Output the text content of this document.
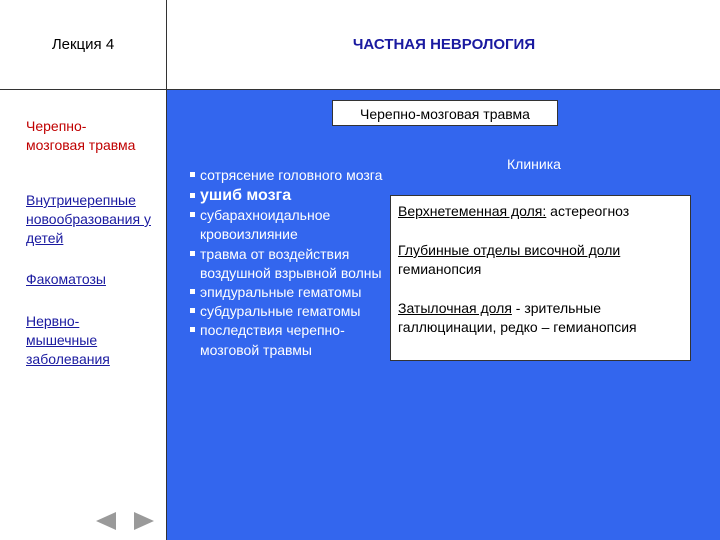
Лекция 4	ЧАСТНАЯ НЕВРОЛОГИЯ
Черепно-мозговая травма
Внутричерепные новообразования у детей
Факоматозы
Нервно-мышечные заболевания
Черепно-мозговая травма
сотрясение головного мозга
ушиб мозга
субарахноидальное кровоизлияние
травма от воздействия воздушной взрывной волны
эпидуральные гематомы
субдуральные гематомы
последствия черепно-мозговой травмы
Клиника
Верхнетеменная доля: астереогноз
Глубинные отделы височной доли гемианопсия
Затылочная доля - зрительные галлюцинации, редко – гемианопсия
